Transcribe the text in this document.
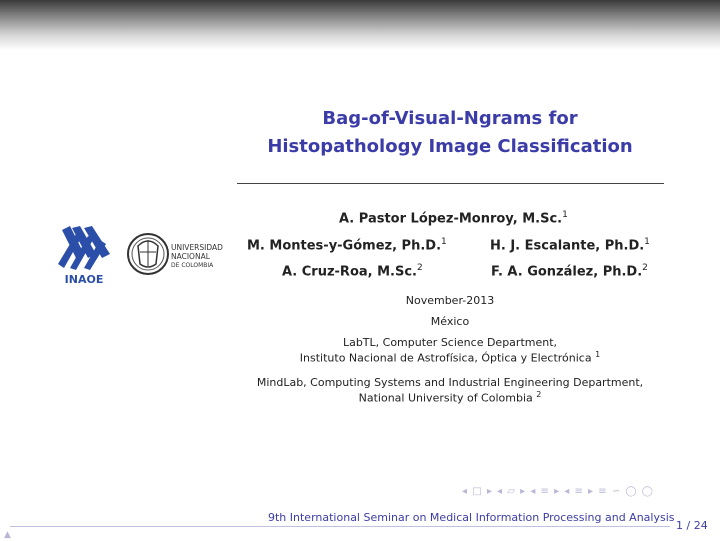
Bag-of-Visual-Ngrams for
Histopathology Image Classification
INAOE
UNIVERSIDAD
NACIONAL
DE COLOMBIA
A. Pastor López-Monroy, M.Sc.$^1$
M. Montes-y-Gómez, Ph.D.$^1$	H. J. Escalante, Ph.D.$^1$
A. Cruz-Roa, M.Sc.$^2$	F. A. González, Ph.D.$^2$
November-2013
México
LabTL, Computer Science Department,
Instituto Nacional de Astrofísica, Óptica y Electrónica $^1$
MindLab, Computing Systems and Industrial Engineering Department,
National University of Colombia $^2$
◂ □ ▸ ◂ ▱ ▸ ◂ ≡ ▸ ◂ ≡ ▸ ≡ ∽ ◯ ◯
9th International Seminar on Medical Information Processing and Analysis
1 / 24
▲
